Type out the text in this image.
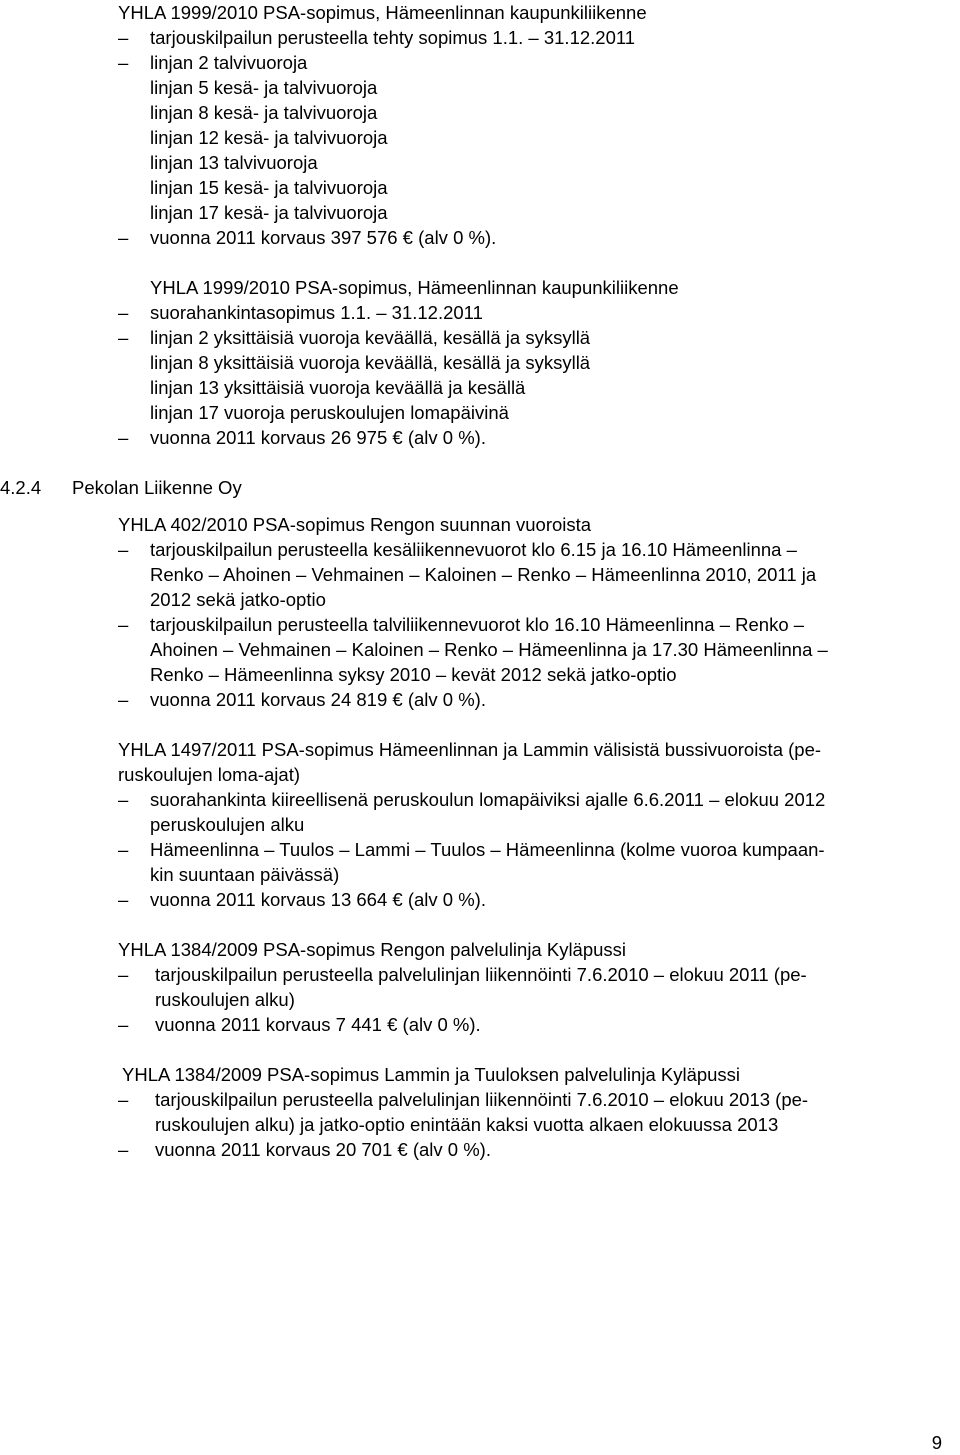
YHLA 1999/2010 PSA-sopimus, Hämeenlinnan kaupunkiliikenne
– tarjouskilpailun perusteella tehty sopimus 1.1. – 31.12.2011
– linjan 2 talvivuoroja
linjan 5 kesä- ja talvivuoroja
linjan 8 kesä- ja talvivuoroja
linjan 12 kesä- ja talvivuoroja
linjan 13 talvivuoroja
linjan 15 kesä- ja talvivuoroja
linjan 17 kesä- ja talvivuoroja
– vuonna 2011 korvaus 397 576 € (alv 0 %).
YHLA 1999/2010 PSA-sopimus, Hämeenlinnan kaupunkiliikenne
– suorahankintasopimus 1.1. – 31.12.2011
– linjan 2 yksittäisiä vuoroja keväällä, kesällä ja syksyllä
linjan 8 yksittäisiä vuoroja keväällä, kesällä ja syksyllä
linjan 13 yksittäisiä vuoroja keväällä ja kesällä
linjan 17 vuoroja peruskoulujen lomapäivinä
– vuonna 2011 korvaus 26 975 € (alv 0 %).
4.2.4 Pekolan Liikenne Oy
YHLA 402/2010 PSA-sopimus Rengon suunnan vuoroista
– tarjouskilpailun perusteella kesäliikennevuorot klo 6.15 ja 16.10 Hämeenlinna –
Renko – Ahoinen – Vehmainen – Kaloinen – Renko – Hämeenlinna 2010, 2011 ja
2012 sekä jatko-optio
– tarjouskilpailun perusteella talviliikennevuorot klo 16.10 Hämeenlinna – Renko –
Ahoinen – Vehmainen – Kaloinen – Renko – Hämeenlinna ja 17.30 Hämeenlinna –
Renko – Hämeenlinna syksy 2010 – kevät 2012 sekä jatko-optio
– vuonna 2011 korvaus 24 819 € (alv 0 %).
YHLA 1497/2011 PSA-sopimus Hämeenlinnan ja Lammin välisistä bussivuoroista (pe-
ruskoulujen loma-ajat)
– suorahankinta kiireellisenä peruskoulun lomapäiviksi ajalle 6.6.2011 – elokuu 2012
peruskoulujen alku
– Hämeenlinna – Tuulos – Lammi – Tuulos – Hämeenlinna (kolme vuoroa kumpaan-
kin suuntaan päivässä)
– vuonna 2011 korvaus 13 664 € (alv 0 %).
YHLA 1384/2009 PSA-sopimus Rengon palvelulinja Kyläpussi
– tarjouskilpailun perusteella palvelulinjan liikennöinti 7.6.2010 – elokuu 2011 (pe-
ruskoulujen alku)
– vuonna 2011 korvaus 7 441 € (alv 0 %).
YHLA 1384/2009 PSA-sopimus Lammin ja Tuuloksen palvelulinja Kyläpussi
– tarjouskilpailun perusteella palvelulinjan liikennöinti 7.6.2010 – elokuu 2013 (pe-
ruskoulujen alku) ja jatko-optio enintään kaksi vuotta alkaen elokuussa 2013
– vuonna 2011 korvaus 20 701 € (alv 0 %).
9
